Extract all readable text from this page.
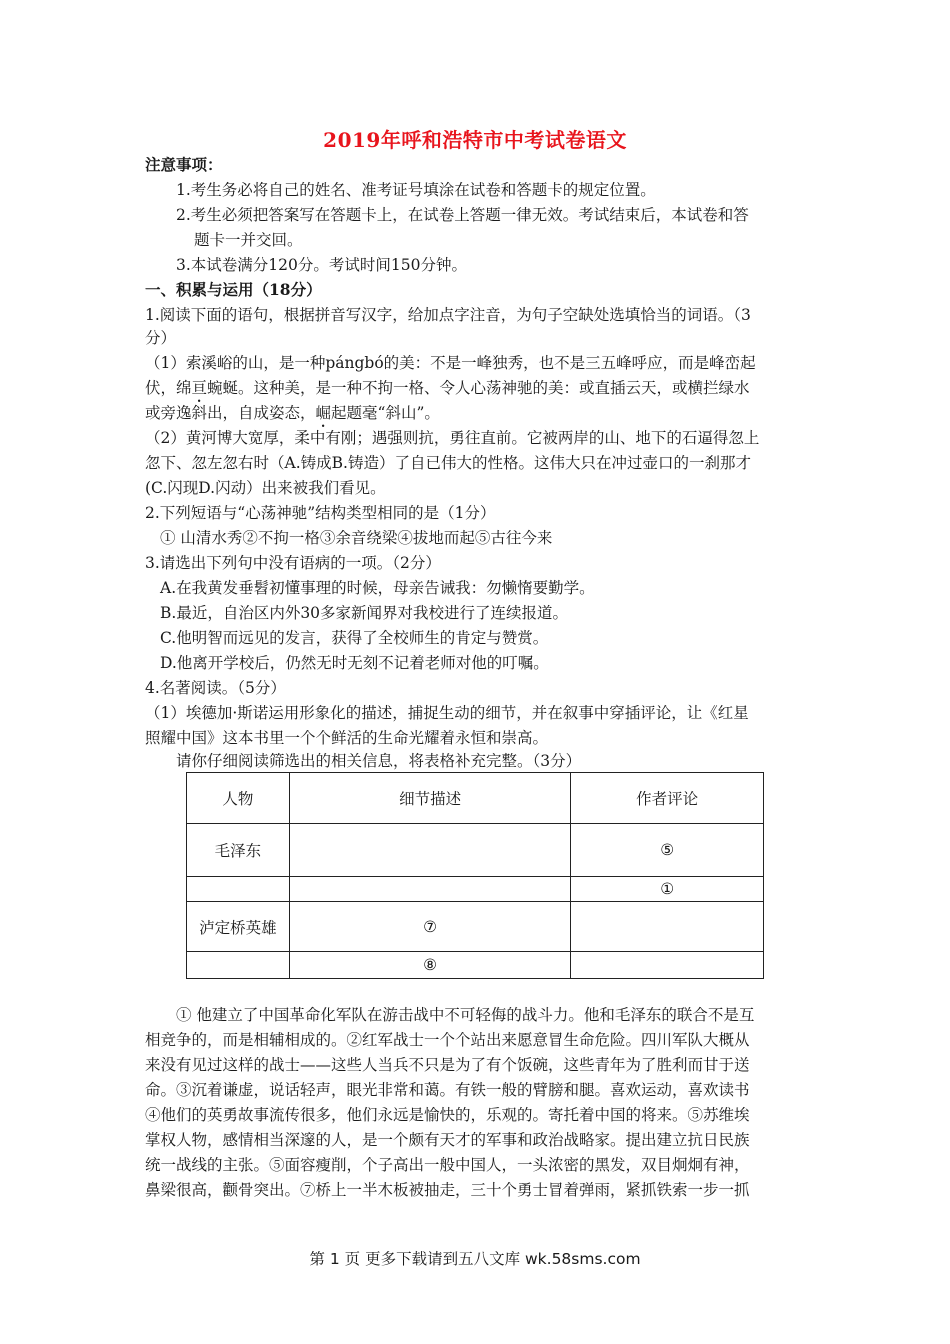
2019年呼和浩特市中考试卷语文
注意事项：
1.考生务必将自己的姓名、准考证号填涂在试卷和答题卡的规定位置。
2.考生必须把答案写在答题卡上，在试卷上答题一律无效。考试结束后，本试卷和答
题卡一并交回。
3.本试卷满分120分。考试时间150分钟。
一、积累与运用（18分）
1.阅读下面的语句，根据拼音写汉字，给加点字注音，为句子空缺处选填恰当的词语。（3
分）
（1）索溪峪的山，是一种pángbó的美：不是一峰独秀，也不是三五峰呼应，而是峰峦起
伏，绵亘蜿蜒。这种美，是一种不拘一格、令人心荡神驰的美：或直插云天，或横拦绿水
或旁逸斜出，自成姿态，崛起题毫“斜山”。
（2）黄河博大宽厚，柔中有刚；遇强则抗，勇往直前。它被两岸的山、地下的石逼得忽上
忽下、忽左忽右时（A.铸成B.铸造）了自已伟大的性格。这伟大只在冲过壶口的一刹那才
(C.闪现D.闪动）出来被我们看见。
2.下列短语与“心荡神驰”结构类型相同的是（1分）
① 山清水秀②不拘一格③余音绕梁④拔地而起⑤古往今来
3.请选出下列句中没有语病的一项。（2分）
A.在我黄发垂髫初懂事理的时候，母亲告诫我：勿懒惰要勤学。
B.最近，自治区内外30多家新闻界对我校进行了连续报道。
C.他明智而远见的发言，获得了全校师生的肯定与赞赏。
D.他离开学校后，仍然无时无刻不记着老师对他的叮嘱。
4.名著阅读。（5分）
（1）埃德加·斯诺运用形象化的描述，捕捉生动的细节，并在叙事中穿插评论，让《红星
照耀中国》这本书里一个个鲜活的生命光耀着永恒和崇高。
请你仔细阅读筛选出的相关信息，将表格补充完整。（3分）
人物	细节描述	作者评论
毛泽东		⑤
		①
泸定桥英雄	⑦	
	⑧	
① 他建立了中国革命化军队在游击战中不可轻侮的战斗力。他和毛泽东的联合不是互
相竞争的，而是相辅相成的。②红军战士一个个站出来愿意冒生命危险。四川军队大概从
来没有见过这样的战士——这些人当兵不只是为了有个饭碗，这些青年为了胜利而甘于送
命。③沉着谦虚，说话轻声，眼光非常和蔼。有铁一般的臂膀和腿。喜欢运动，喜欢读书
④他们的英勇故事流传很多，他们永远是愉快的，乐观的。寄托着中国的将来。⑤苏维埃
掌权人物，感情相当深邃的人，是一个颇有天才的军事和政治战略家。提出建立抗日民族
统一战线的主张。⑤面容瘦削，个子高出一般中国人，一头浓密的黑发，双目炯炯有神，
鼻梁很高，颧骨突出。⑦桥上一半木板被抽走，三十个勇士冒着弹雨，紧抓铁索一步一抓
第 1 页 更多下载请到五八文库 wk.58sms.com
